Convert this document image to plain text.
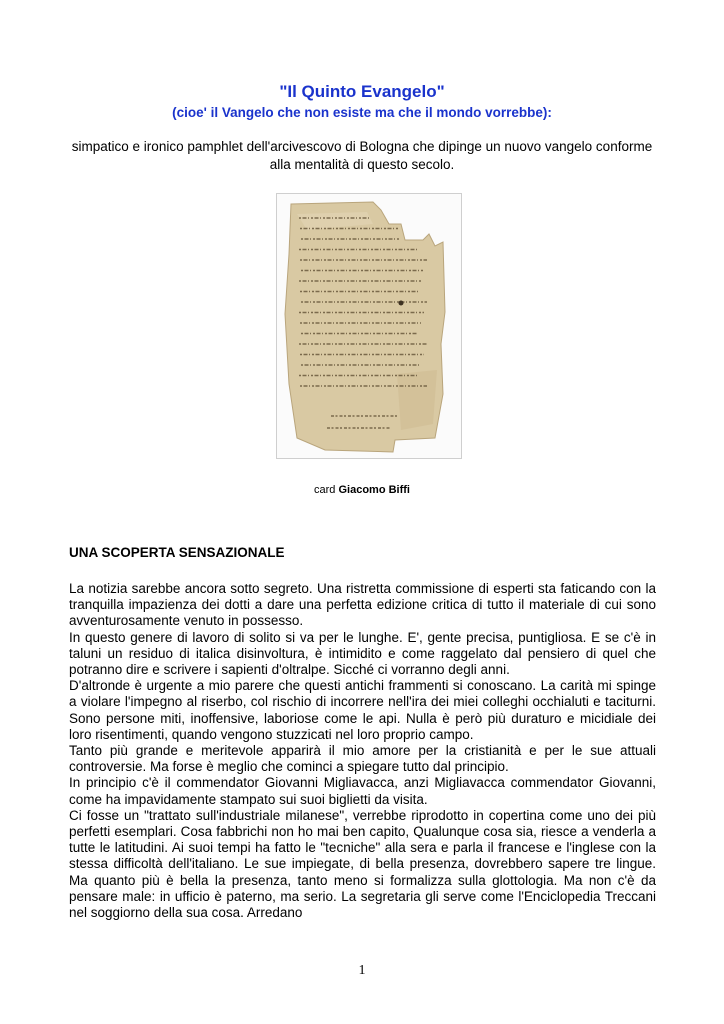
"Il Quinto Evangelo"
(cioe' il Vangelo che non esiste ma che il mondo vorrebbe):

simpatico e ironico pamphlet dell'arcivescovo di Bologna che dipinge un nuovo vangelo conforme alla mentalità di questo secolo.

card Giacomo Biffi

UNA SCOPERTA SENSAZIONALE

La notizia sarebbe ancora sotto segreto. Una ristretta commissione di esperti sta faticando con la tranquilla impazienza dei dotti a dare una perfetta edizione critica di tutto il materiale di cui sono avventurosamente venuto in possesso.

In questo genere di lavoro di solito si va per le lunghe. E', gente precisa, puntigliosa. E se c'è in taluni un residuo di italica disinvoltura, è intimidito e come raggelato dal pensiero di quel che potranno dire e scrivere i sapienti d'oltralpe. Sicché ci vorranno degli anni.

D'altronde è urgente a mio parere che questi antichi frammenti si conoscano. La carità mi spinge a violare l'impegno al riserbo, col rischio di incorrere nell'ira dei miei colleghi occhialuti e taciturni. Sono persone miti, inoffensive, laboriose come le api. Nulla è però più duraturo e micidiale dei loro risentimenti, quando vengono stuzzicati nel loro proprio campo.

Tanto più grande e meritevole apparirà il mio amore per la cristianità e per le sue attuali controversie. Ma forse è meglio che cominci a spiegare tutto dal principio.

In principio c'è il commendator Giovanni Migliavacca, anzi Migliavacca commendator Giovanni, come ha impavidamente stampato sui suoi biglietti da visita.

Ci fosse un "trattato sull'industriale milanese", verrebbe riprodotto in copertina come uno dei più perfetti esemplari. Cosa fabbrichi non ho mai ben capito, Qualunque cosa sia, riesce a venderla a tutte le latitudini. Ai suoi tempi ha fatto le "tecniche" alla sera e parla il francese e l'inglese con la stessa difficoltà dell'italiano. Le sue impiegate, di bella presenza, dovrebbero sapere tre lingue. Ma quanto più è bella la presenza, tanto meno si formalizza sulla glottologia. Ma non c'è da pensare male: in ufficio è paterno, ma serio. La segretaria gli serve come l'Enciclopedia Treccani nel soggiorno della sua cosa. Arredano

1
